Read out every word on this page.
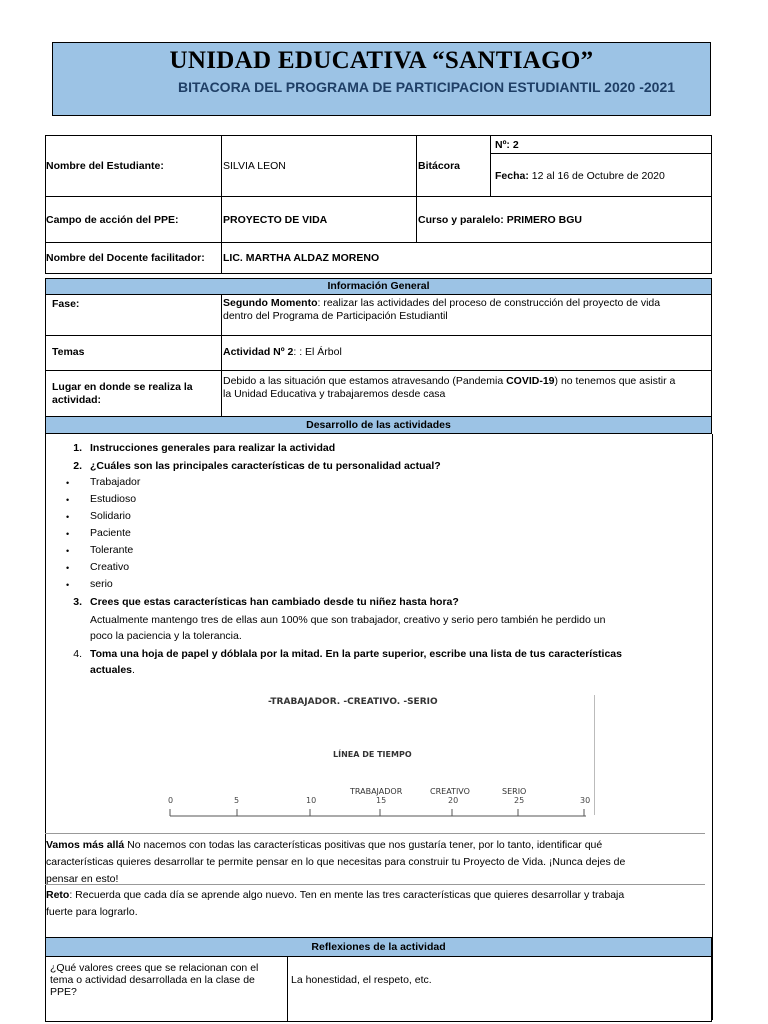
UNIDAD EDUCATIVA “SANTIAGO”
BITACORA DEL PROGRAMA DE PARTICIPACION ESTUDIANTIL 2020 -2021
Nombre del Estudiante:	SILVIA LEON	Bitácora
Nº: 2
Fecha: 12 al 16 de Octubre de 2020
Campo de acción del PPE:	PROYECTO DE VIDA	Curso y paralelo: PRIMERO BGU
Nombre del Docente facilitador: LIC. MARTHA ALDAZ MORENO
Información General
Fase:	Segundo Momento: realizar las actividades del proceso de construcción del proyecto de vida
dentro del Programa de Participación Estudiantil
Temas	Actividad Nº 2: : El Árbol
Lugar en donde se realiza la actividad:
Debido a las situación que estamos atravesando (Pandemia COVID-19) no tenemos que asistir a
la Unidad Educativa y trabajaremos desde casa
Desarrollo de las actividades
1. Instrucciones generales para realizar la actividad
2. ¿Cuáles son las principales características de tu personalidad actual?
• Trabajador
• Estudioso
• Solidario
• Paciente
• Tolerante
• Creativo
• serio
3. Crees que estas características han cambiado desde tu niñez hasta hora?
Actualmente mantengo tres de ellas aun 100% que son trabajador, creativo y serio pero también he perdido un
poco la paciencia y la tolerancia.
4. Toma una hoja de papel y dóblala por la mitad. En la parte superior, escribe una lista de tus características
actuales.
-TRABAJADOR. -CREATIVO. -SERIO
LÍNEA DE TIEMPO
TRABAJADOR	CREATIVO	SERIO
0	5	10	15	20	25	30
Vamos más allá No nacemos con todas las características positivas que nos gustaría tener, por lo tanto, identificar qué
características quieres desarrollar te permite pensar en lo que necesitas para construir tu Proyecto de Vida. ¡Nunca dejes de
pensar en esto!
Reto: Recuerda que cada día se aprende algo nuevo. Ten en mente las tres características que quieres desarrollar y trabaja
fuerte para lograrlo.
Reflexiones de la actividad
¿Qué valores crees que se relacionan con el tema o actividad desarrollada en la clase de PPE?
La honestidad, el respeto, etc.
